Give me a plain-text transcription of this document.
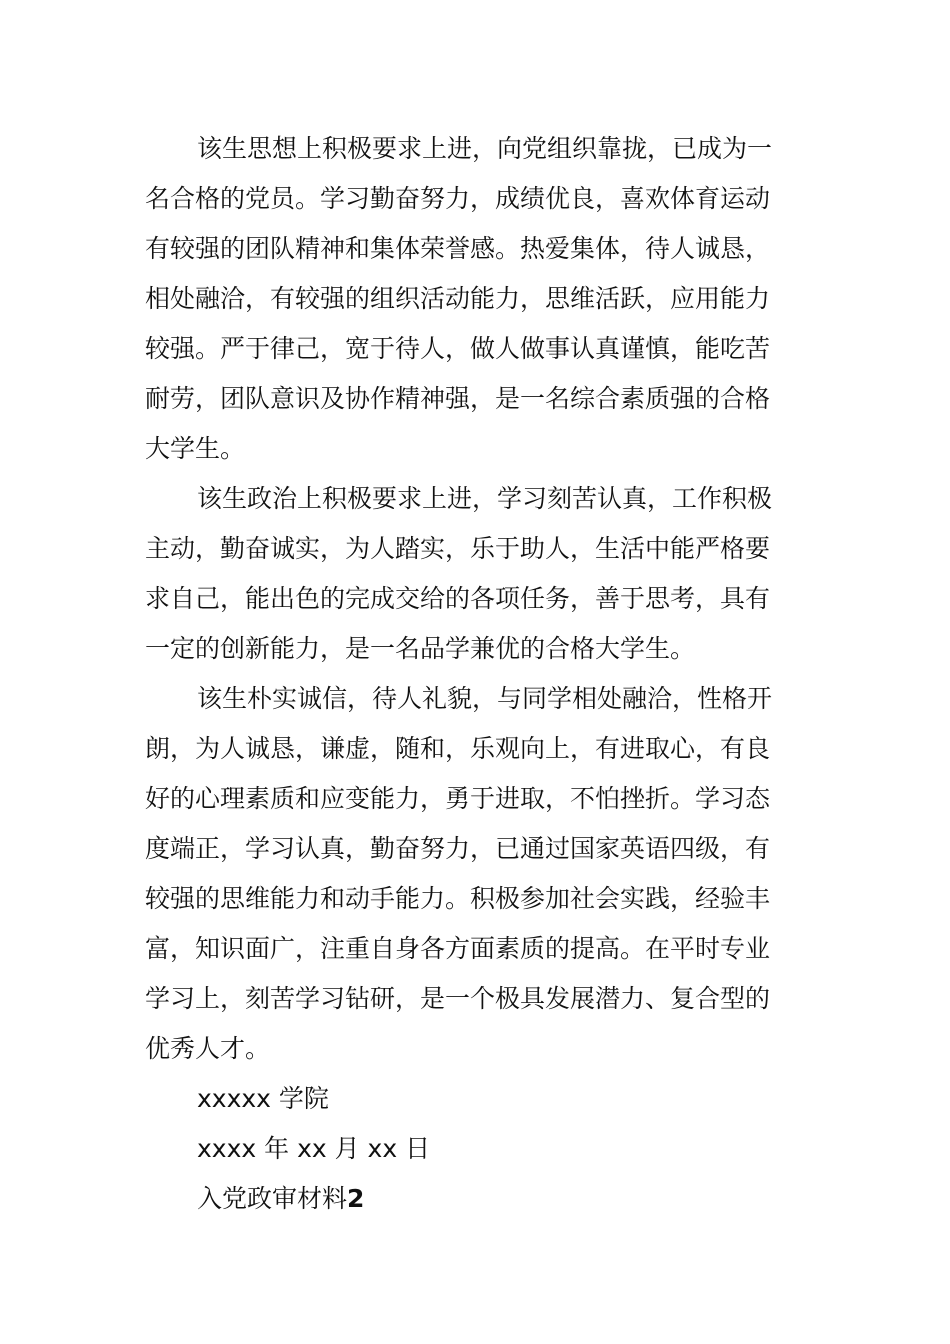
该生思想上积极要求上进，向党组织靠拢，已成为一
名合格的党员。学习勤奋努力，成绩优良，喜欢体育运动
有较强的团队精神和集体荣誉感。热爱集体，待人诚恳，
相处融洽，有较强的组织活动能力，思维活跃，应用能力
较强。严于律己，宽于待人，做人做事认真谨慎，能吃苦
耐劳，团队意识及协作精神强，是一名综合素质强的合格
大学生。
该生政治上积极要求上进，学习刻苦认真，工作积极
主动，勤奋诚实，为人踏实，乐于助人，生活中能严格要
求自己，能出色的完成交给的各项任务，善于思考，具有
一定的创新能力，是一名品学兼优的合格大学生。
该生朴实诚信，待人礼貌，与同学相处融洽，性格开
朗，为人诚恳，谦虚，随和，乐观向上，有进取心，有良
好的心理素质和应变能力，勇于进取，不怕挫折。学习态
度端正，学习认真，勤奋努力，已通过国家英语四级，有
较强的思维能力和动手能力。积极参加社会实践，经验丰
富，知识面广，注重自身各方面素质的提高。在平时专业
学习上，刻苦学习钻研，是一个极具发展潜力、复合型的
优秀人才。
xxxxx 学院
xxxx 年 xx 月 xx 日
入党政审材料2
